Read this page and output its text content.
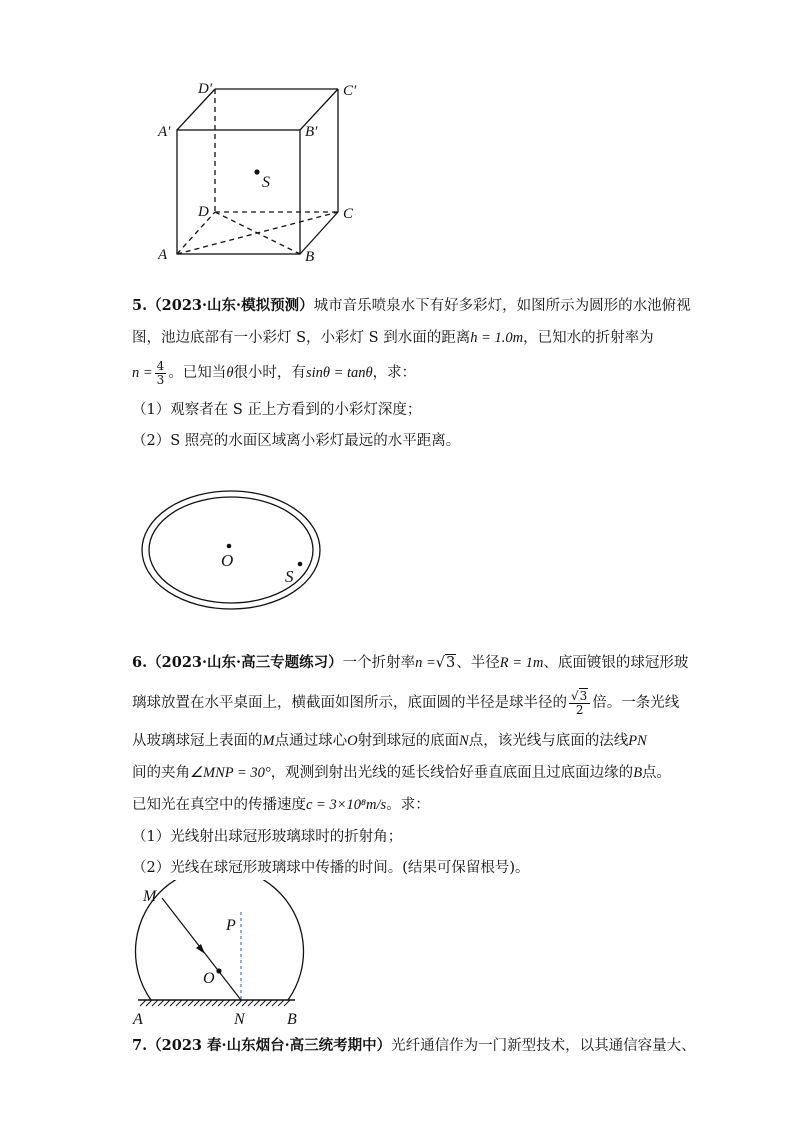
D′	C′
A′	B′
S
D	C
A	B
5.（2023·山东·模拟预测）城市音乐喷泉水下有好多彩灯，如图所示为圆形的水池俯视
图，池边底部有一小彩灯 S，小彩灯 S 到水面的距离h = 1.0m，已知水的折射率为
$n = \frac{4}{3}$ 。已知当θ很小时，有sinθ = tanθ，求：
（1）观察者在 S 正上方看到的小彩灯深度；
（2）S 照亮的水面区域离小彩灯最远的水平距离。
O
S
6.（2023·山东·高三专题练习）一个折射率n =√3、半径R = 1m、底面镀银的球冠形玻
璃球放置在水平桌面上，横截面如图所示，底面圆的半径是球半径的 $\frac{√3}{2}$ 倍。一条光线
从玻璃球冠上表面的M点通过球心O射到球冠的底面N点，该光线与底面的法线PN
间的夹角∠MNP = 30°，观测到射出光线的延长线恰好垂直底面且过底面边缘的B点。
已知光在真空中的传播速度c = 3×10⁸m/s。求：
（1）光线射出球冠形玻璃球时的折射角；
（2）光线在球冠形玻璃球中传播的时间。(结果可保留根号)。
M
P
O
A	N	B
7.（2023 春·山东烟台·高三统考期中）光纤通信作为一门新型技术，以其通信容量大、
